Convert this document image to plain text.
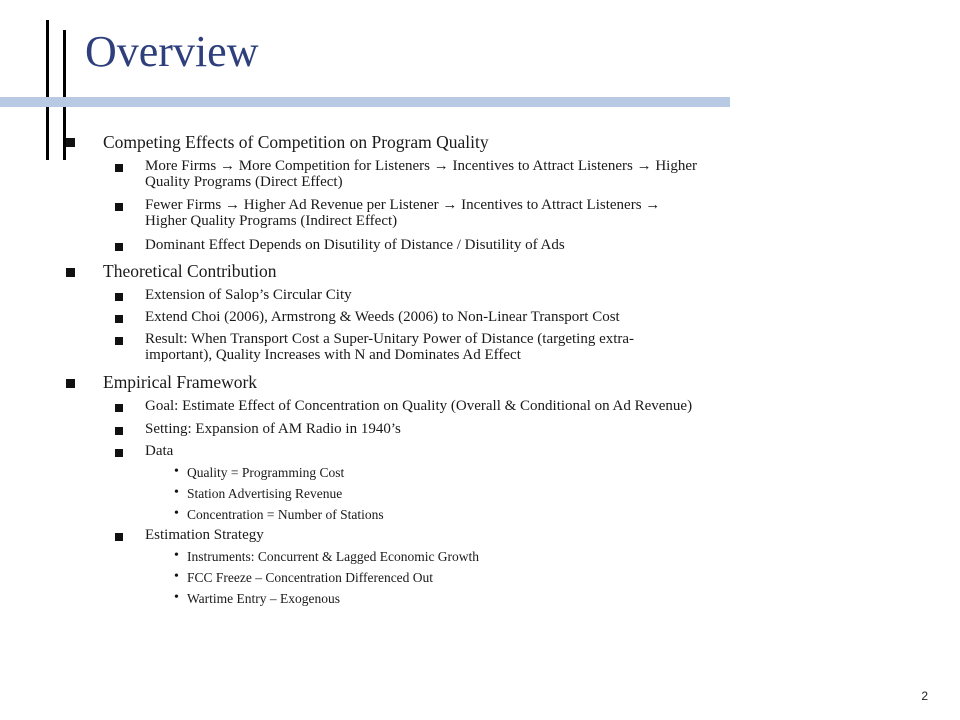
Overview
Competing Effects of Competition on Program Quality
More Firms → More Competition for Listeners → Incentives to Attract Listeners → Higher
Quality Programs (Direct Effect)
Fewer Firms → Higher Ad Revenue per Listener → Incentives to Attract Listeners →
Higher Quality Programs (Indirect Effect)
Dominant Effect Depends on Disutility of Distance / Disutility of Ads
Theoretical Contribution
Extension of Salop’s Circular City
Extend Choi (2006), Armstrong & Weeds (2006) to Non-Linear Transport Cost
Result: When Transport Cost a Super-Unitary Power of Distance (targeting extra-
important), Quality Increases with N and Dominates Ad Effect
Empirical Framework
Goal: Estimate Effect of Concentration on Quality (Overall & Conditional on Ad Revenue)
Setting: Expansion of AM Radio in 1940’s
Data
• Quality = Programming Cost
• Station Advertising Revenue
• Concentration = Number of Stations
Estimation Strategy
• Instruments: Concurrent & Lagged Economic Growth
• FCC Freeze – Concentration Differenced Out
• Wartime Entry – Exogenous
2
